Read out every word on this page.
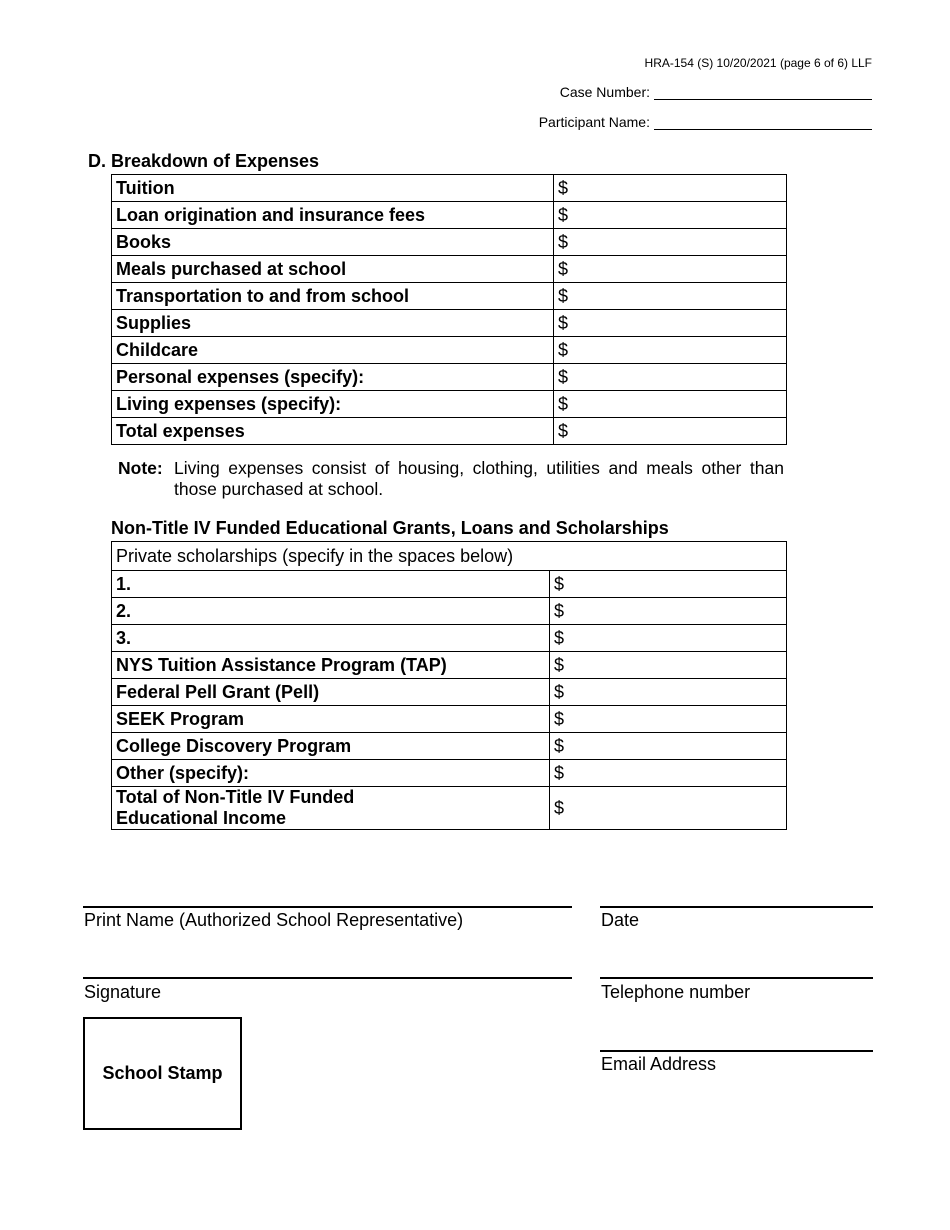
HRA-154 (S) 10/20/2021 (page 6 of 6) LLF
Case Number:
Participant Name:
D. Breakdown of Expenses
Tuition	$
Loan origination and insurance fees	$
Books	$
Meals purchased at school	$
Transportation to and from school	$
Supplies	$
Childcare	$
Personal expenses (specify):	$
Living expenses (specify):	$
Total expenses	$
Note: Living expenses consist of housing, clothing, utilities and meals other than those purchased at school.
Non-Title IV Funded Educational Grants, Loans and Scholarships
Private scholarships (specify in the spaces below)	
1.	$
2.	$
3.	$
NYS Tuition Assistance Program (TAP)	$
Federal Pell Grant (Pell)	$
SEEK Program	$
College Discovery Program	$
Other (specify):	$
Total of Non-Title IV Funded
Educational Income	$
Print Name (Authorized School Representative)	Date
Signature	Telephone number
Email Address
School Stamp
